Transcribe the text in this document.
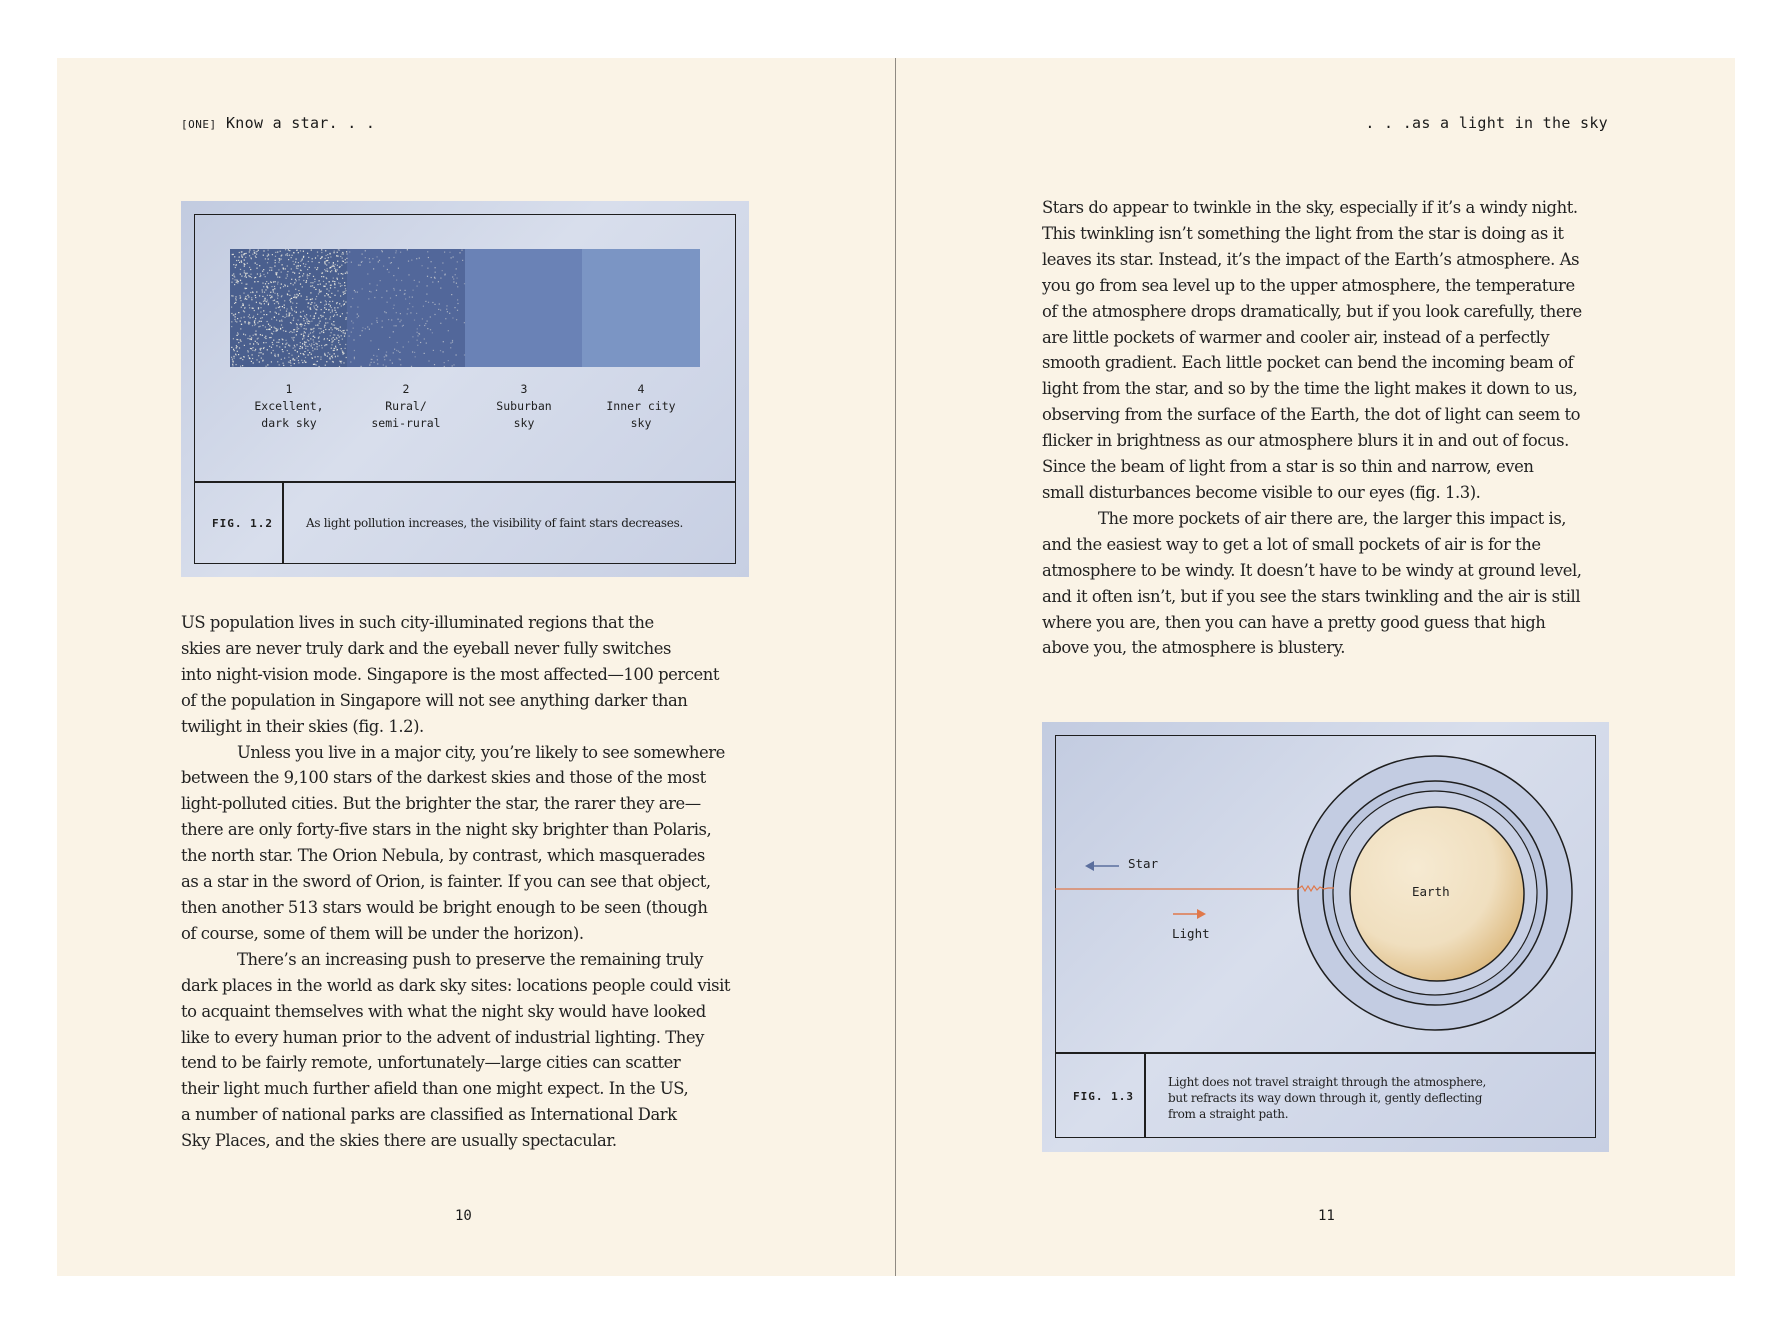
[ONE] Know a star. . .
1
Excellent,
dark sky
2
Rural/
semi-rural
3
Suburban
sky
4
Inner city
sky
FIG. 1.2	As light pollution increases, the visibility of faint stars decreases.
US population lives in such city-illuminated regions that the
skies are never truly dark and the eyeball never fully switches
into night-vision mode. Singapore is the most affected—100 percent
of the population in Singapore will not see anything darker than
twilight in their skies (fig. 1.2).
Unless you live in a major city, you’re likely to see somewhere
between the 9,100 stars of the darkest skies and those of the most
light-polluted cities. But the brighter the star, the rarer they are—
there are only forty-five stars in the night sky brighter than Polaris,
the north star. The Orion Nebula, by contrast, which masquerades
as a star in the sword of Orion, is fainter. If you can see that object,
then another 513 stars would be bright enough to be seen (though
of course, some of them will be under the horizon).
There’s an increasing push to preserve the remaining truly
dark places in the world as dark sky sites: locations people could visit
to acquaint themselves with what the night sky would have looked
like to every human prior to the advent of industrial lighting. They
tend to be fairly remote, unfortunately—large cities can scatter
their light much further afield than one might expect. In the US,
a number of national parks are classified as International Dark
Sky Places, and the skies there are usually spectacular.
10
. . .as a light in the sky
Stars do appear to twinkle in the sky, especially if it’s a windy night.
This twinkling isn’t something the light from the star is doing as it
leaves its star. Instead, it’s the impact of the Earth’s atmosphere. As
you go from sea level up to the upper atmosphere, the temperature
of the atmosphere drops dramatically, but if you look carefully, there
are little pockets of warmer and cooler air, instead of a perfectly
smooth gradient. Each little pocket can bend the incoming beam of
light from the star, and so by the time the light makes it down to us,
observing from the surface of the Earth, the dot of light can seem to
flicker in brightness as our atmosphere blurs it in and out of focus.
Since the beam of light from a star is so thin and narrow, even
small disturbances become visible to our eyes (fig. 1.3).
The more pockets of air there are, the larger this impact is,
and the easiest way to get a lot of small pockets of air is for the
atmosphere to be windy. It doesn’t have to be windy at ground level,
and it often isn’t, but if you see the stars twinkling and the air is still
where you are, then you can have a pretty good guess that high
above you, the atmosphere is blustery.
Star
Light
Earth
FIG. 1.3
Light does not travel straight through the atmosphere,
but refracts its way down through it, gently deflecting
from a straight path.
11
